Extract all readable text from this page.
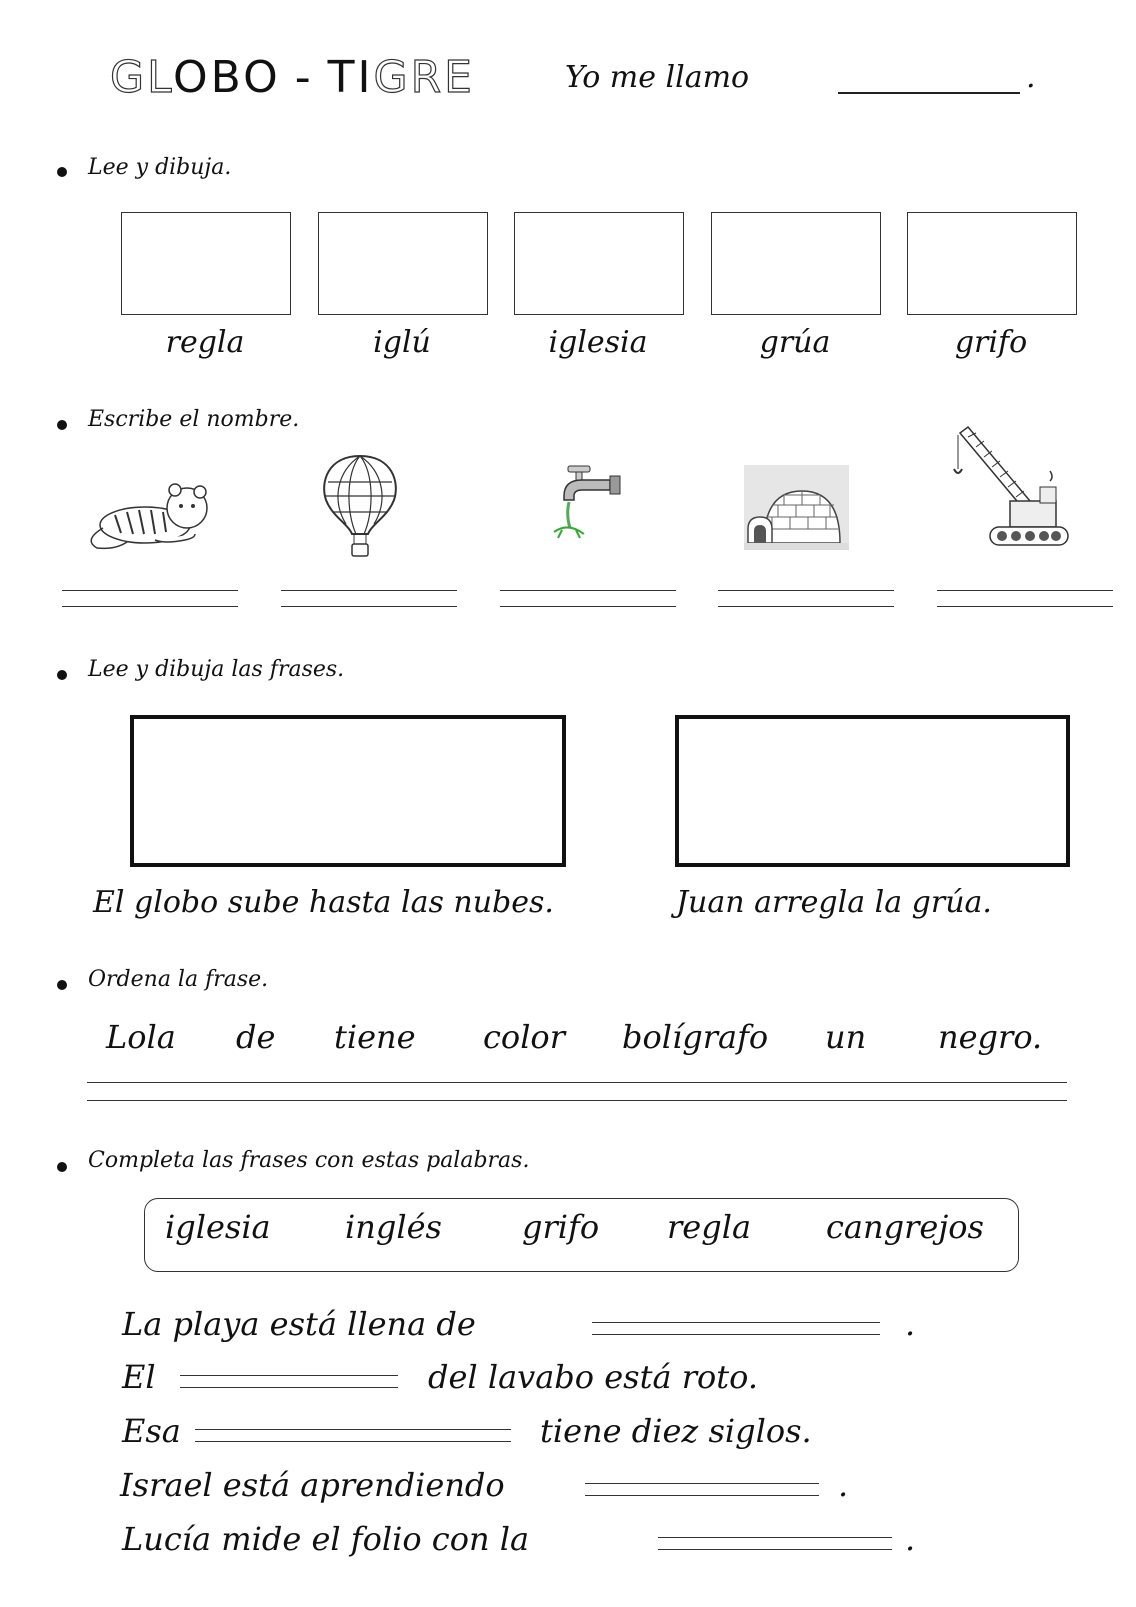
GLOBO - TIGRE	Yo me llamo	.
Lee y dibuja.
regla	iglú	iglesia	grúa	grifo
Escribe el nombre.
Lee y dibuja las frases.
El globo sube hasta las nubes.	Juan arregla la grúa.
Ordena la frase.
Lola de tiene color bolígrafo un negro.
Completa las frases con estas palabras.
iglesia inglés	grifo regla cangrejos
La playa está llena de	.
El	del lavabo está roto.
Esa	tiene diez siglos.
Israel está aprendiendo	.
Lucía mide el folio con la	.
